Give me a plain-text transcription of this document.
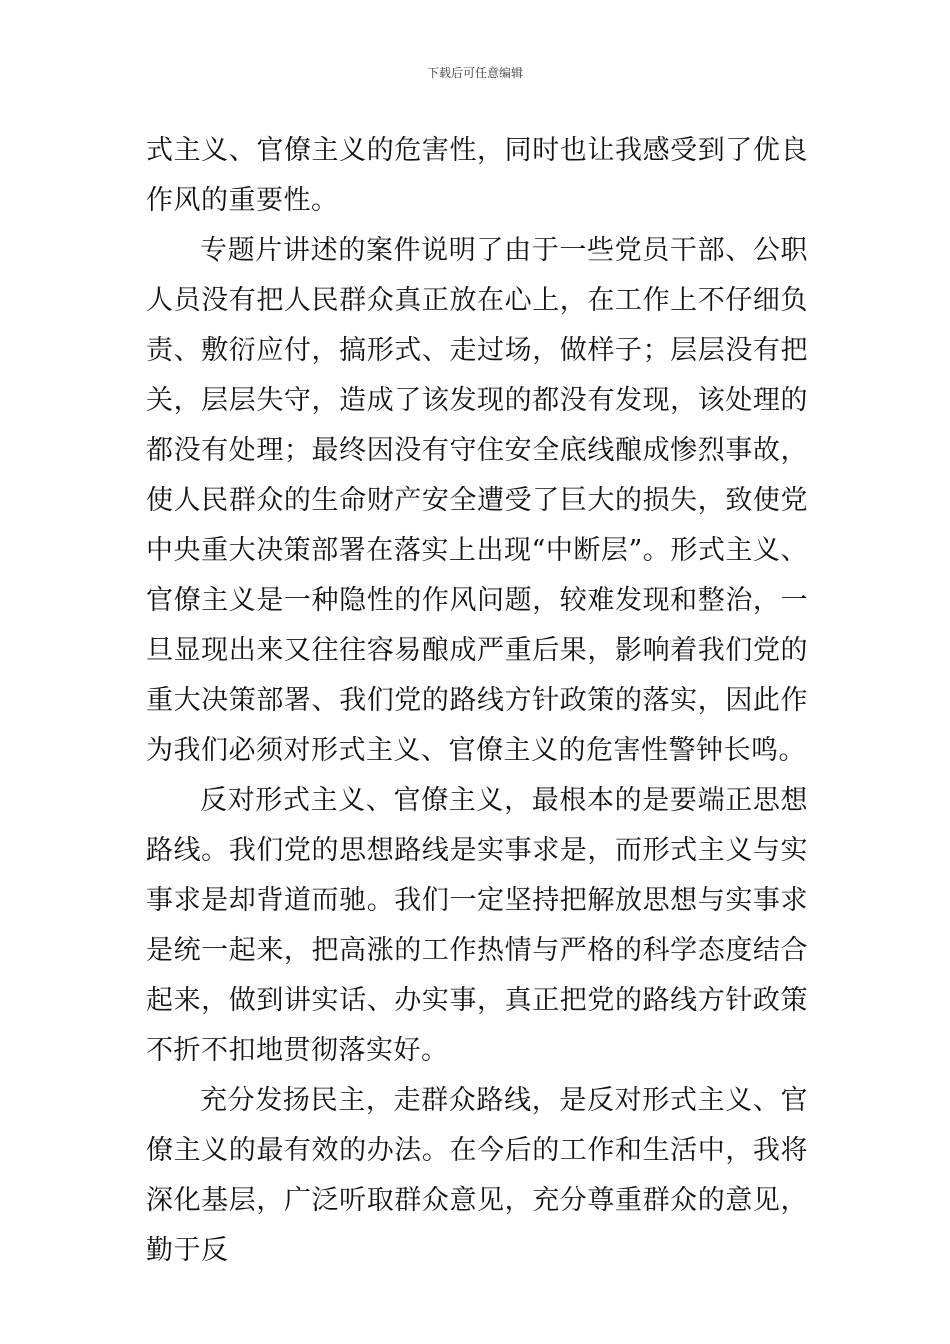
下载后可任意编辑

式主义、官僚主义的危害性，同时也让我感受到了优良作风的重要性。

专题片讲述的案件说明了由于一些党员干部、公职人员没有把人民群众真正放在心上，在工作上不仔细负责、敷衍应付，搞形式、走过场，做样子；层层没有把关，层层失守，造成了该发现的都没有发现，该处理的都没有处理；最终因没有守住安全底线酿成惨烈事故，使人民群众的生命财产安全遭受了巨大的损失，致使党中央重大决策部署在落实上出现“中断层”。形式主义、官僚主义是一种隐性的作风问题，较难发现和整治，一旦显现出来又往往容易酿成严重后果，影响着我们党的重大决策部署、我们党的路线方针政策的落实，因此作为我们必须对形式主义、官僚主义的危害性警钟长鸣。

反对形式主义、官僚主义，最根本的是要端正思想路线。我们党的思想路线是实事求是，而形式主义与实事求是却背道而驰。我们一定坚持把解放思想与实事求是统一起来，把高涨的工作热情与严格的科学态度结合起来，做到讲实话、办实事，真正把党的路线方针政策不折不扣地贯彻落实好。

充分发扬民主，走群众路线，是反对形式主义、官僚主义的最有效的办法。在今后的工作和生活中，我将深化基层，广泛听取群众意见，充分尊重群众的意见，勤于反
